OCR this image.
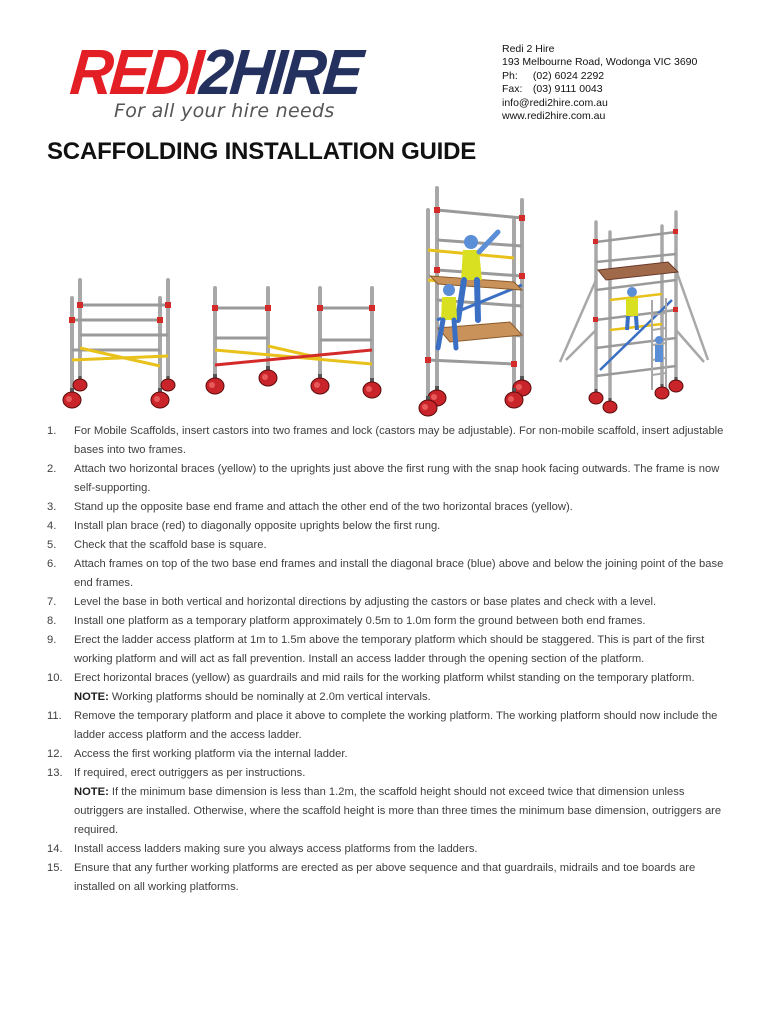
REDI2HIRE
For all your hire needs
Redi 2 Hire
193 Melbourne Road, Wodonga VIC 3690
Ph: (02) 6024 2292
Fax: (03) 9111 0043
info@redi2hire.com.au
www.redi2hire.com.au
SCAFFOLDING INSTALLATION GUIDE
1. For Mobile Scaffolds, insert castors into two frames and lock (castors may be adjustable). For non-mobile scaffold, insert adjustable bases into two frames.
2. Attach two horizontal braces (yellow) to the uprights just above the first rung with the snap hook facing outwards. The frame is now self-supporting.
3. Stand up the opposite base end frame and attach the other end of the two horizontal braces (yellow).
4. Install plan brace (red) to diagonally opposite uprights below the first rung.
5. Check that the scaffold base is square.
6. Attach frames on top of the two base end frames and install the diagonal brace (blue) above and below the joining point of the base end frames.
7. Level the base in both vertical and horizontal directions by adjusting the castors or base plates and check with a level.
8. Install one platform as a temporary platform approximately 0.5m to 1.0m form the ground between both end frames.
9. Erect the ladder access platform at 1m to 1.5m above the temporary platform which should be staggered. This is part of the first working platform and will act as fall prevention. Install an access ladder through the opening section of the platform.
10. Erect horizontal braces (yellow) as guardrails and mid rails for the working platform whilst standing on the temporary platform.
NOTE: Working platforms should be nominally at 2.0m vertical intervals.
11. Remove the temporary platform and place it above to complete the working platform. The working platform should now include the ladder access platform and the access ladder.
12. Access the first working platform via the internal ladder.
13. If required, erect outriggers as per instructions.
NOTE: If the minimum base dimension is less than 1.2m, the scaffold height should not exceed twice that dimension unless outriggers are installed. Otherwise, where the scaffold height is more than three times the minimum base dimension, outriggers are required.
14. Install access ladders making sure you always access platforms from the ladders.
15. Ensure that any further working platforms are erected as per above sequence and that guardrails, midrails and toe boards are installed on all working platforms.
